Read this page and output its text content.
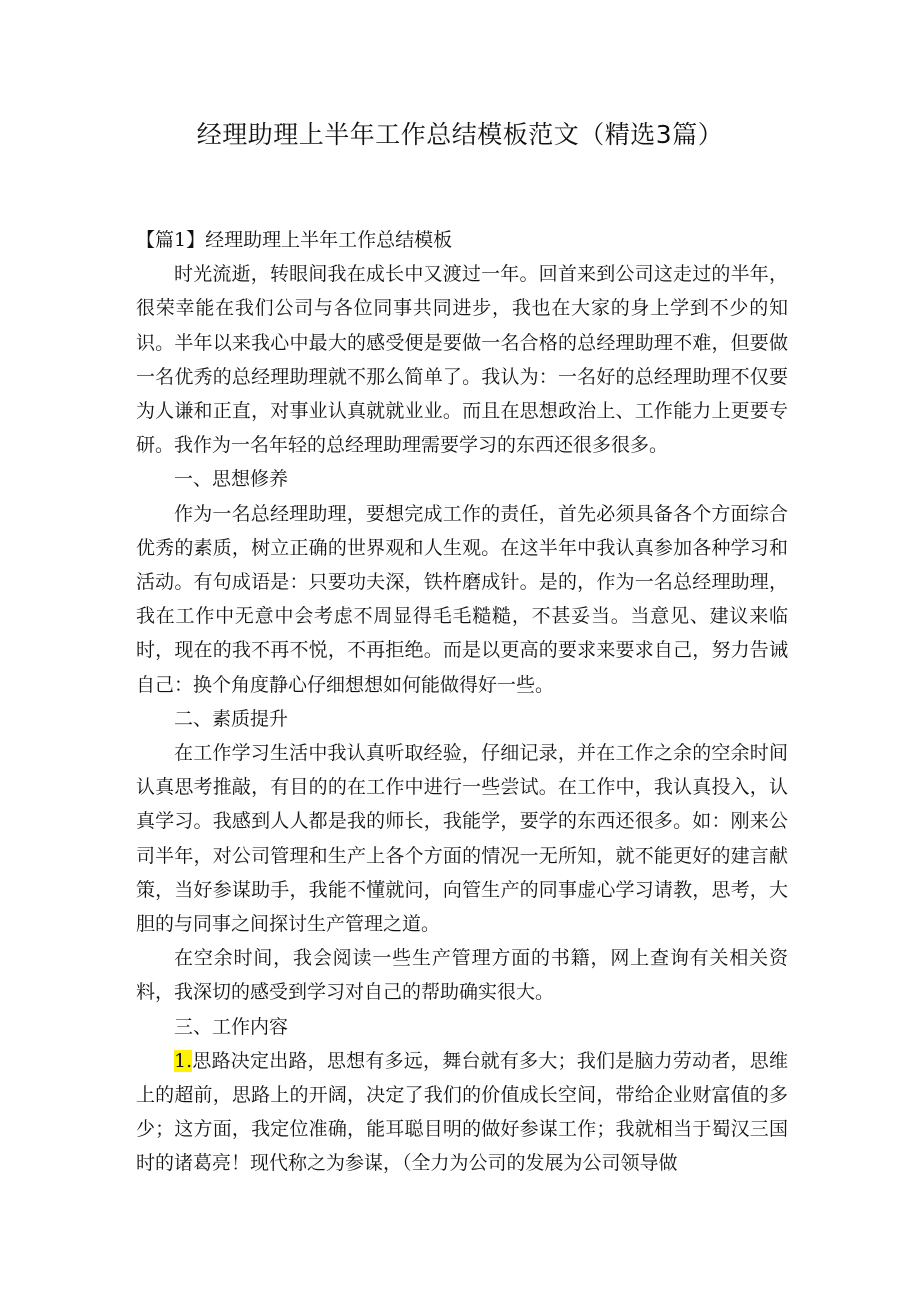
经理助理上半年工作总结模板范文（精选3篇）

【篇1】经理助理上半年工作总结模板

时光流逝，转眼间我在成长中又渡过一年。回首来到公司这走过的半年，很荣幸能在我们公司与各位同事共同进步，我也在大家的身上学到不少的知识。半年以来我心中最大的感受便是要做一名合格的总经理助理不难，但要做一名优秀的总经理助理就不那么简单了。我认为：一名好的总经理助理不仅要为人谦和正直，对事业认真就就业业。而且在思想政治上、工作能力上更要专研。我作为一名年轻的总经理助理需要学习的东西还很多很多。

一、思想修养

作为一名总经理助理，要想完成工作的责任，首先必须具备各个方面综合优秀的素质，树立正确的世界观和人生观。在这半年中我认真参加各种学习和活动。有句成语是：只要功夫深，铁杵磨成针。是的，作为一名总经理助理，我在工作中无意中会考虑不周显得毛毛糙糙，不甚妥当。当意见、建议来临时，现在的我不再不悦，不再拒绝。而是以更高的要求来要求自己，努力告诫自己：换个角度静心仔细想想如何能做得好一些。

二、素质提升

在工作学习生活中我认真听取经验，仔细记录，并在工作之余的空余时间认真思考推敲，有目的的在工作中进行一些尝试。在工作中，我认真投入，认真学习。我感到人人都是我的师长，我能学，要学的东西还很多。如：刚来公司半年，对公司管理和生产上各个方面的情况一无所知，就不能更好的建言献策，当好参谋助手，我能不懂就问，向管生产的同事虚心学习请教，思考，大胆的与同事之间探讨生产管理之道。

在空余时间，我会阅读一些生产管理方面的书籍，网上查询有关相关资料，我深切的感受到学习对自己的帮助确实很大。

三、工作内容

1.思路决定出路，思想有多远，舞台就有多大；我们是脑力劳动者，思维上的超前，思路上的开阔，决定了我们的价值成长空间，带给企业财富值的多少；这方面，我定位准确，能耳聪目明的做好参谋工作；我就相当于蜀汉三国时的诸葛亮！现代称之为参谋，（全力为公司的发展为公司领导做
